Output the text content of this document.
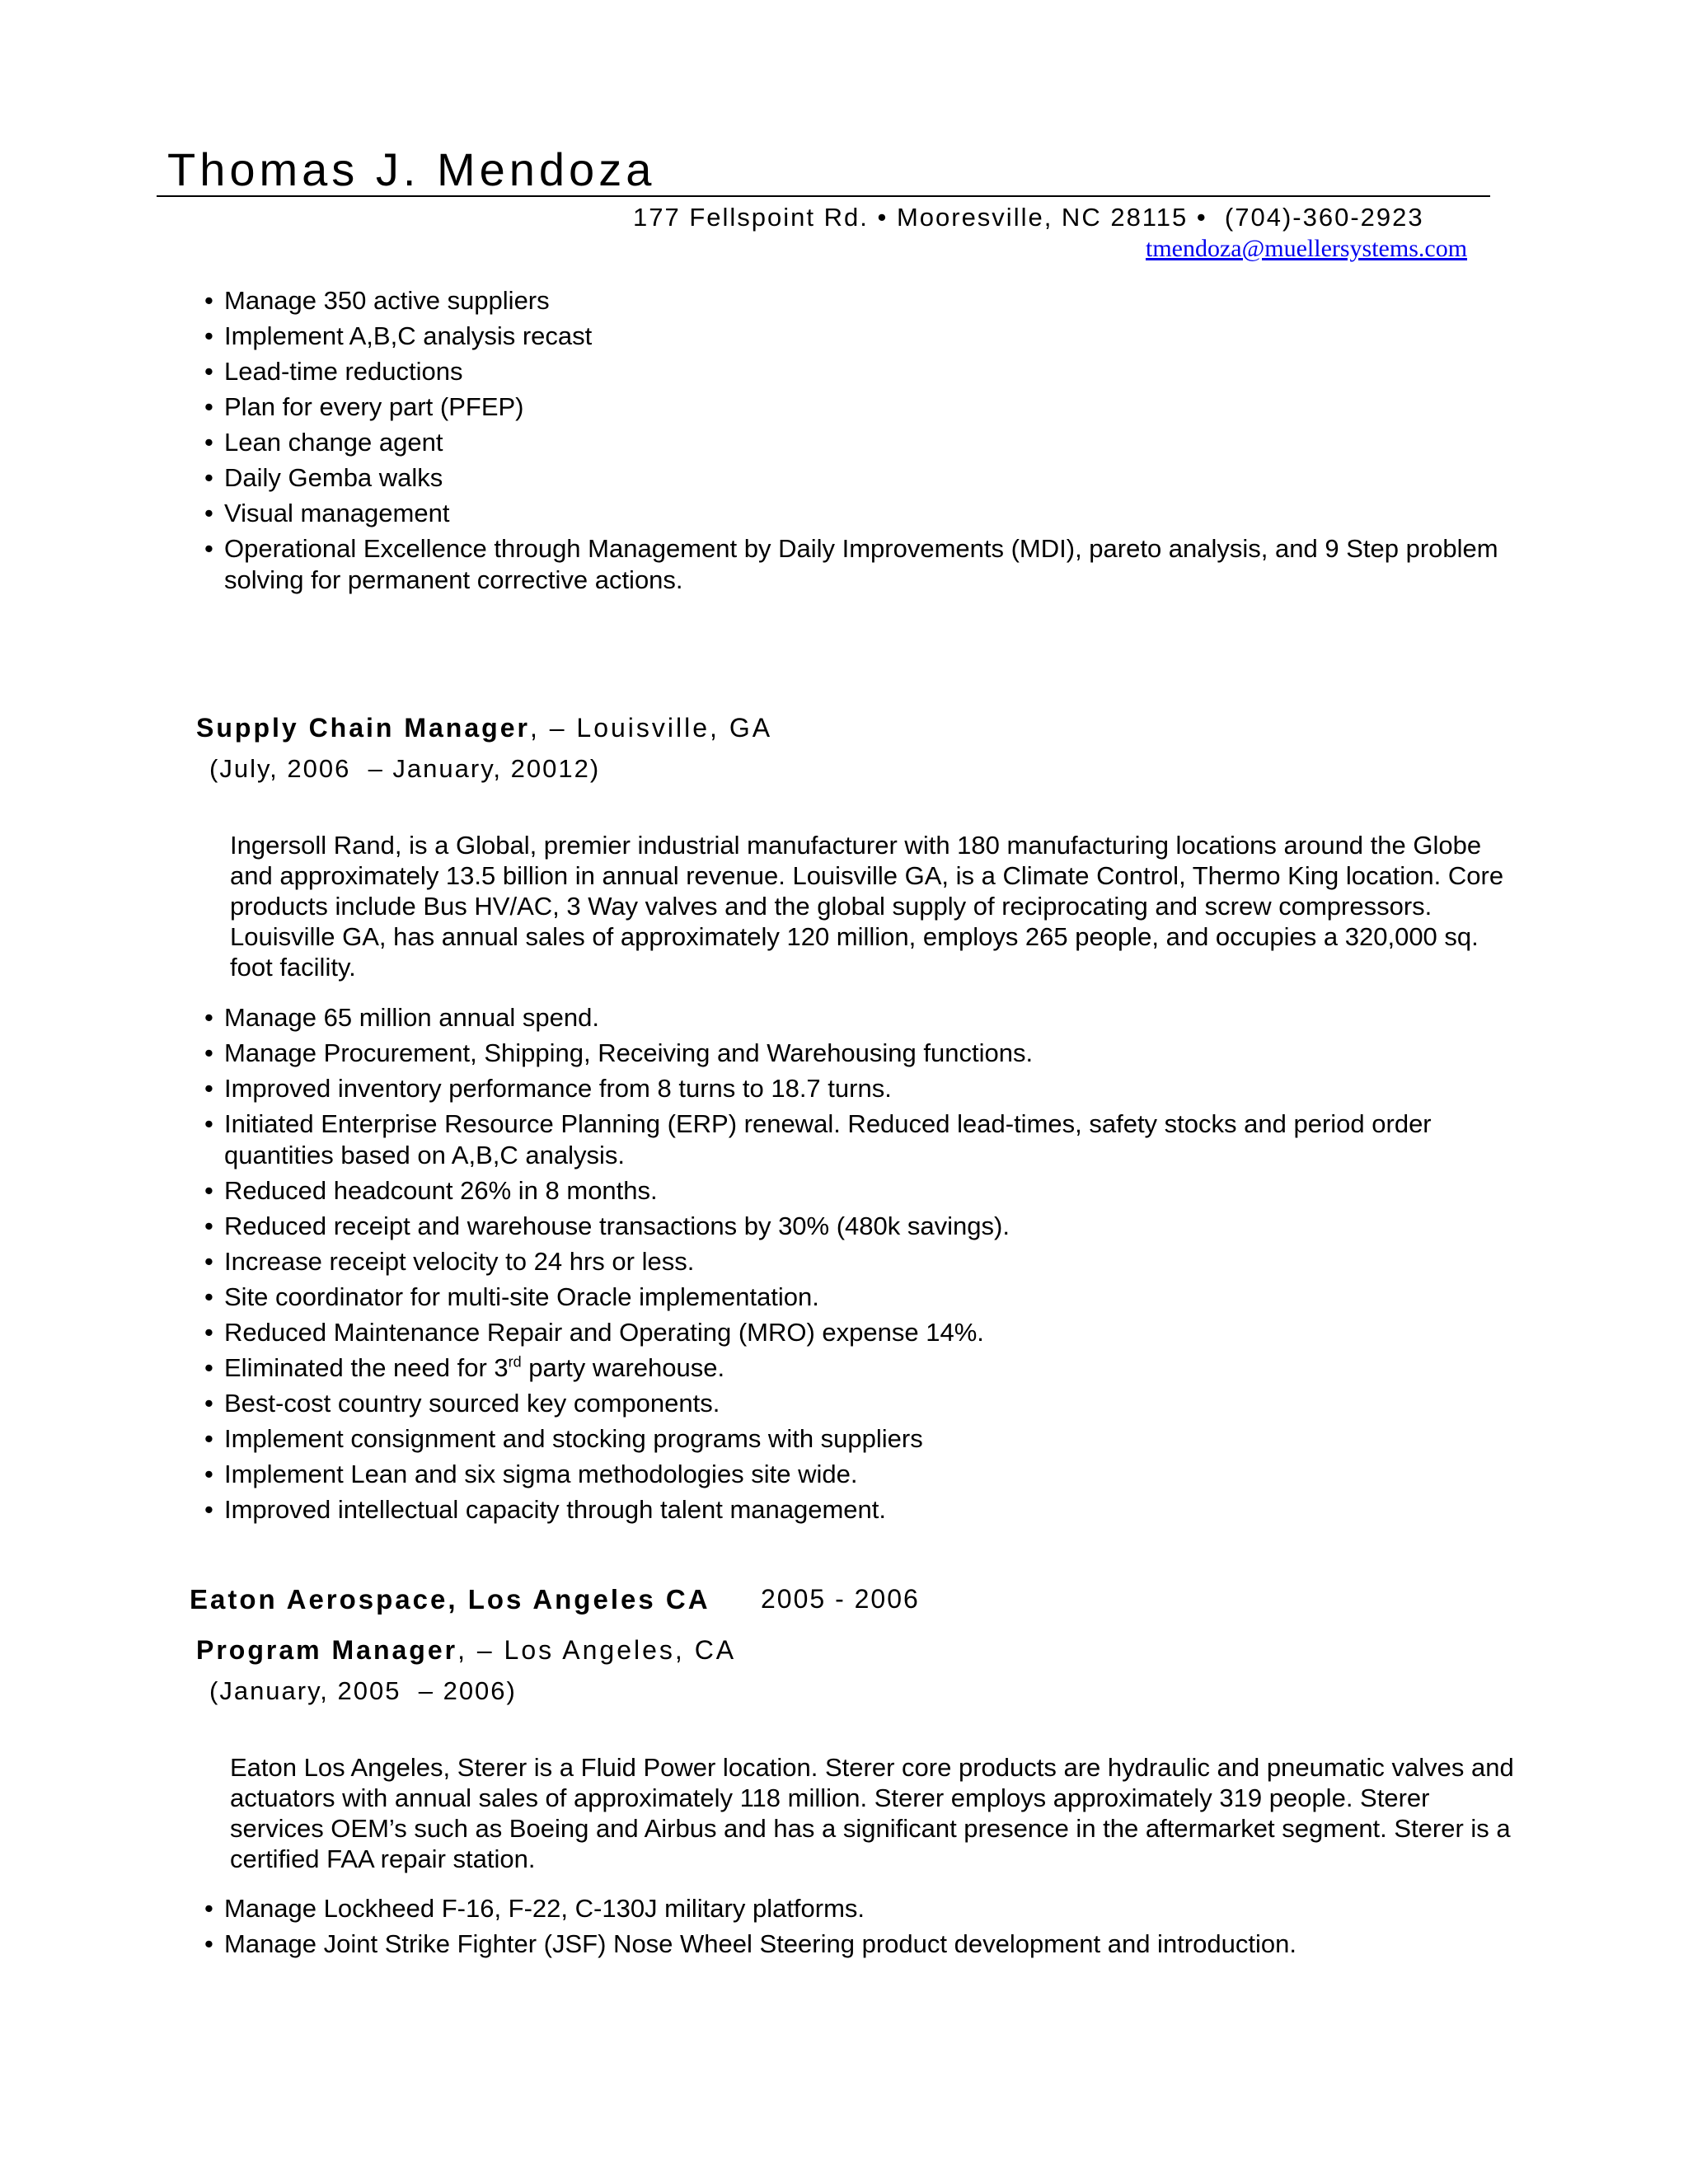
Thomas J. Mendoza
177 Fellspoint Rd. • Mooresville, NC 28115 •  (704)-360-2923
tmendoza@muellersystems.com
• Manage 350 active suppliers
• Implement A,B,C analysis recast
• Lead-time reductions
• Plan for every part (PFEP)
• Lean change agent
• Daily Gemba walks
• Visual management
• Operational Excellence through Management by Daily Improvements (MDI), pareto analysis, and 9 Step problem solving for permanent corrective actions.
Supply Chain Manager, – Louisville, GA
(July, 2006  – January, 20012)
Ingersoll Rand, is a Global, premier industrial manufacturer with 180 manufacturing locations around the Globe and approximately 13.5 billion in annual revenue. Louisville GA, is a Climate Control, Thermo King location. Core products include Bus HV/AC, 3 Way valves and the global supply of reciprocating and screw compressors. Louisville GA, has annual sales of approximately 120 million, employs 265 people, and occupies a 320,000 sq. foot facility.
• Manage 65 million annual spend.
• Manage Procurement, Shipping, Receiving and Warehousing functions.
• Improved inventory performance from 8 turns to 18.7 turns.
• Initiated Enterprise Resource Planning (ERP) renewal. Reduced lead-times, safety stocks and period order quantities based on A,B,C analysis.
• Reduced headcount 26% in 8 months.
• Reduced receipt and warehouse transactions by 30% (480k savings).
• Increase receipt velocity to 24 hrs or less.
• Site coordinator for multi-site Oracle implementation.
• Reduced Maintenance Repair and Operating (MRO) expense 14%.
• Eliminated the need for 3rd party warehouse.
• Best-cost country sourced key components.
• Implement consignment and stocking programs with suppliers
• Implement Lean and six sigma methodologies site wide.
• Improved intellectual capacity through talent management.
Eaton Aerospace, Los Angeles CA 2005 - 2006
Program Manager, – Los Angeles, CA
(January, 2005  – 2006)
Eaton Los Angeles, Sterer is a Fluid Power location. Sterer core products are hydraulic and pneumatic valves and actuators with annual sales of approximately 118 million. Sterer employs approximately 319 people. Sterer services OEM’s such as Boeing and Airbus and has a significant presence in the aftermarket segment. Sterer is a certified FAA repair station.
• Manage Lockheed F-16, F-22, C-130J military platforms.
• Manage Joint Strike Fighter (JSF) Nose Wheel Steering product development and introduction.
